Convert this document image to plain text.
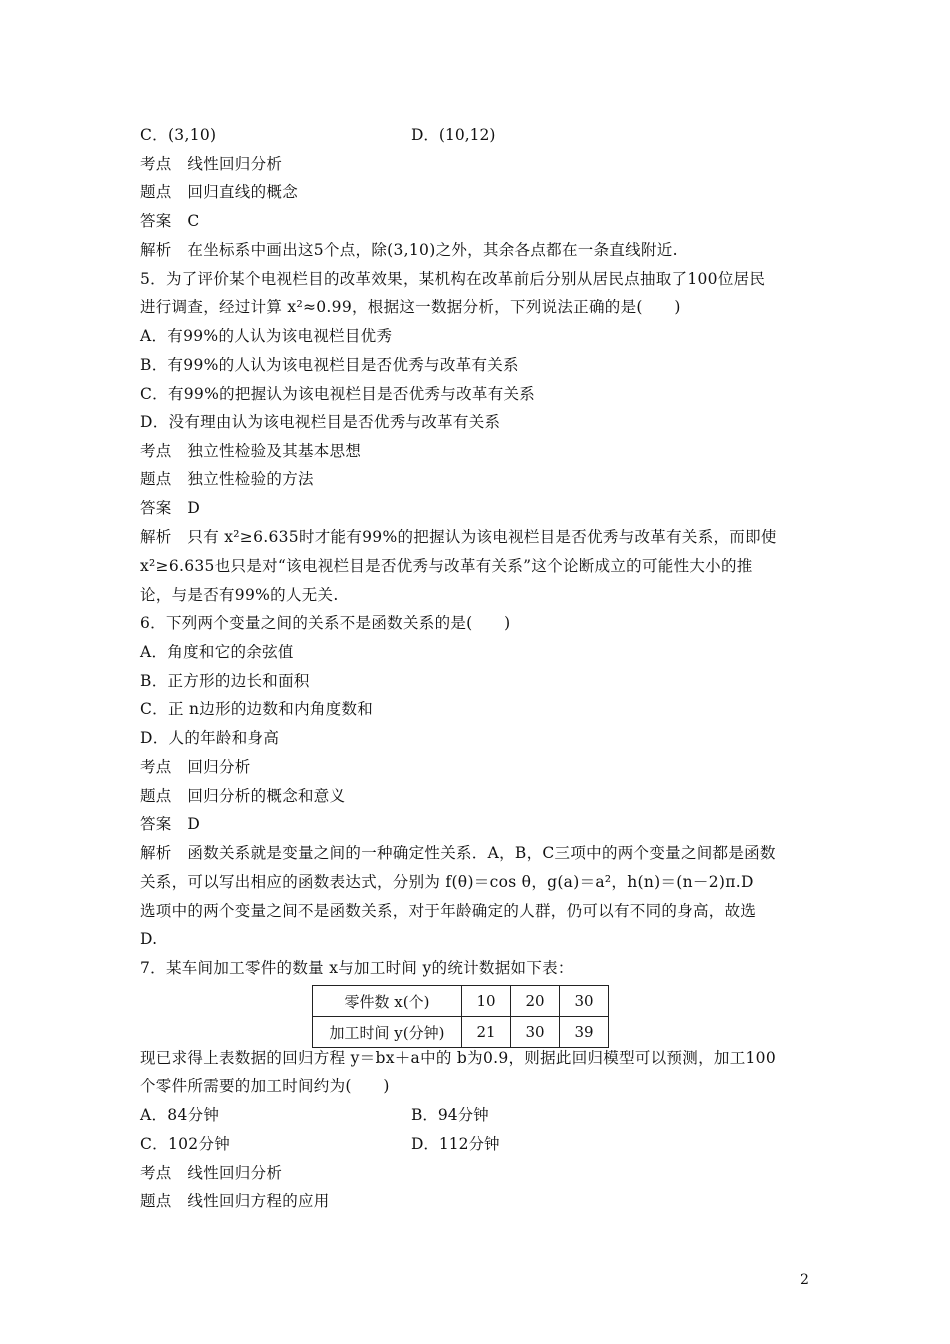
C．(3,10)	D．(10,12)
考点　线性回归分析
题点　回归直线的概念
答案　C
解析　在坐标系中画出这5个点，除(3,10)之外，其余各点都在一条直线附近.
5．为了评价某个电视栏目的改革效果，某机构在改革前后分别从居民点抽取了100位居民
进行调查，经过计算 x²≈0.99，根据这一数据分析，下列说法正确的是(　　)
A．有99%的人认为该电视栏目优秀
B．有99%的人认为该电视栏目是否优秀与改革有关系
C．有99%的把握认为该电视栏目是否优秀与改革有关系
D．没有理由认为该电视栏目是否优秀与改革有关系
考点　独立性检验及其基本思想
题点　独立性检验的方法
答案　D
解析　只有 x²≥6.635时才能有99%的把握认为该电视栏目是否优秀与改革有关系，而即使
x²≥6.635也只是对“该电视栏目是否优秀与改革有关系”这个论断成立的可能性大小的推
论，与是否有99%的人无关.
6．下列两个变量之间的关系不是函数关系的是(　　)
A．角度和它的余弦值
B．正方形的边长和面积
C．正 n边形的边数和内角度数和
D．人的年龄和身高
考点　回归分析
题点　回归分析的概念和意义
答案　D
解析　函数关系就是变量之间的一种确定性关系．A，B，C三项中的两个变量之间都是函数
关系，可以写出相应的函数表达式，分别为 f(θ)＝cos θ，g(a)＝a²，h(n)＝(n－2)π.D
选项中的两个变量之间不是函数关系，对于年龄确定的人群，仍可以有不同的身高，故选
D.
7．某车间加工零件的数量 x与加工时间 y的统计数据如下表：
零件数 x(个)	10	20	30
加工时间 y(分钟)	21	30	39
现已求得上表数据的回归方程 y＝bx＋a中的 b为0.9，则据此回归模型可以预测，加工100
个零件所需要的加工时间约为(　　)
A．84分钟	B．94分钟
C．102分钟	D．112分钟
考点　线性回归分析
题点　线性回归方程的应用
2
